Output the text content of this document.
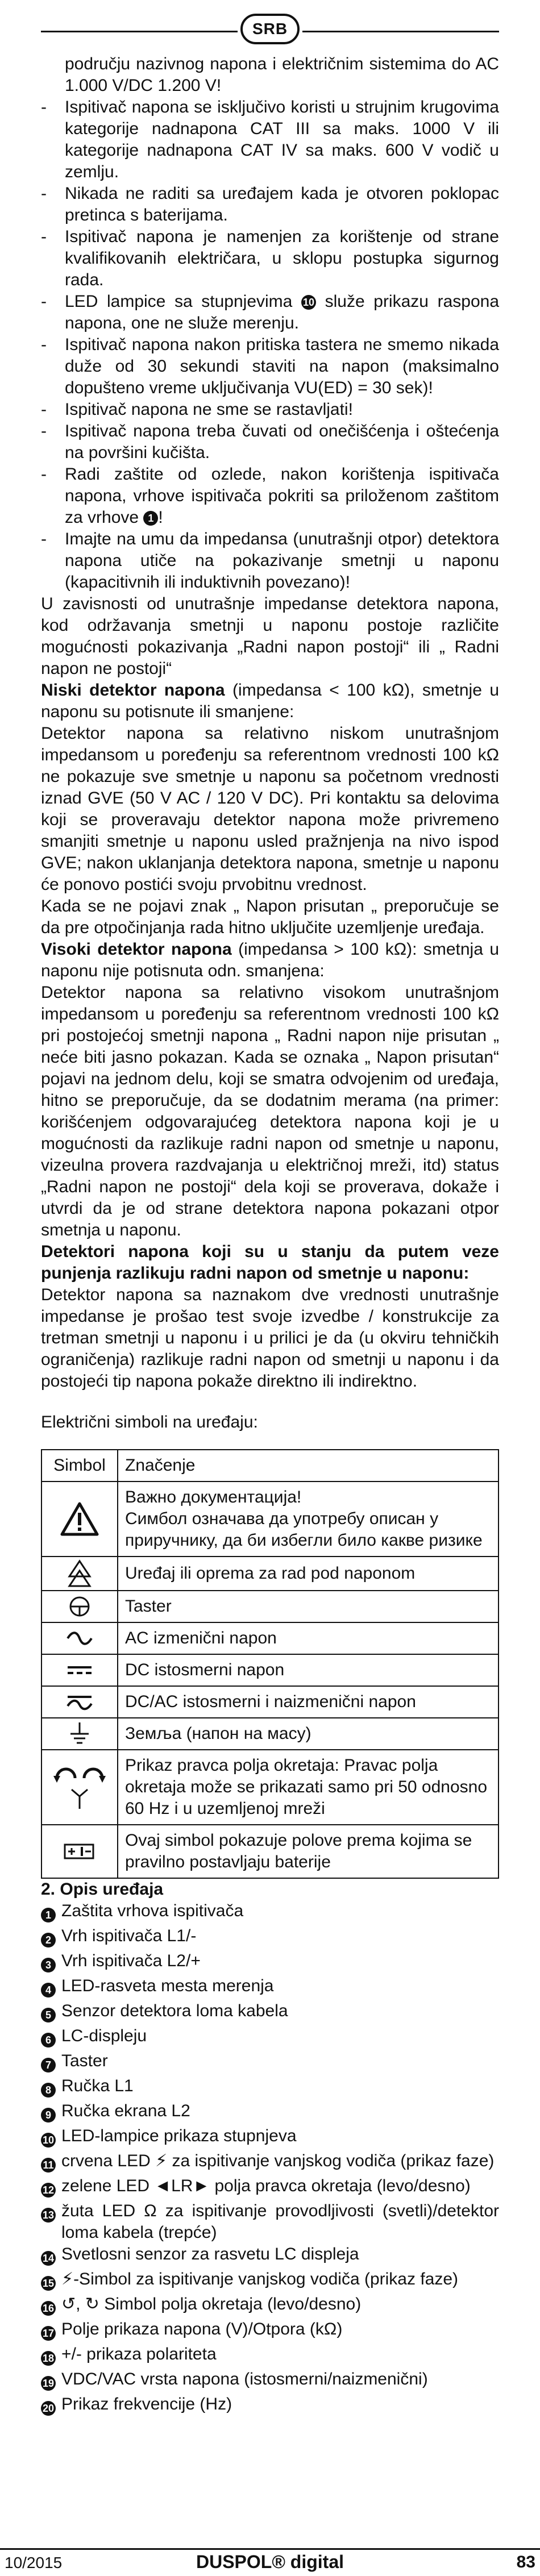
SRB

području nazivnog napona i električnim sistemima do AC 1.000 V/DC 1.200 V!

-	Ispitivač napona se isključivo koristi u strujnim krugovima kategorije nadnapona CAT III sa maks. 1000 V ili kategorije nadnapona CAT IV sa maks. 600 V vodič u zemlju.
-	Nikada ne raditi sa uređajem kada je otvoren poklopac pretinca s baterijama.
-	Ispitivač napona je namenjen za korištenje od strane kvalifikovanih električara, u sklopu postupka sigurnog rada.
-	LED lampice sa stupnjevima 10 služe prikazu raspona napona, one ne služe merenju.
-	Ispitivač napona nakon pritiska tastera ne smemo nikada duže od 30 sekundi staviti na napon (maksimalno dopušteno vreme uključivanja VU(ED) = 30 sek)!
-	Ispitivač napona ne sme se rastavljati!
-	Ispitivač napona treba čuvati od onečišćenja i oštećenja na površini kučišta.
-	Radi zaštite od ozlede, nakon korištenja ispitivača napona, vrhove ispitivača pokriti sa priloženom zaštitom za vrhove 1 !
-	Imajte na umu da impedansa (unutrašnji otpor) detektora napona utiče na pokazivanje smetnji u naponu (kapacitivnih ili induktivnih povezano)!

U zavisnosti od unutrašnje impedanse detektora napona, kod održavanja smetnji u naponu postoje različite mogućnosti pokazivanja „Radni napon postoji“ ili „ Radni napon ne postoji“

Niski detektor napona (impedansa < 100 kΩ), smetnje u naponu su potisnute ili smanjene:

Detektor napona sa relativno niskom unutrašnjom impedansom u poređenju sa referentnom vrednosti 100 kΩ ne pokazuje sve smetnje u naponu sa početnom vrednosti iznad GVE (50 V AC / 120 V DC). Pri kontaktu sa delovima koji se proveravaju detektor napona može privremeno smanjiti smetnje u naponu usled pražnjenja na nivo ispod GVE; nakon uklanjanja detektora napona, smetnje u naponu će ponovo postići svoju prvobitnu vrednost.

Kada se ne pojavi znak „ Napon prisutan „ preporučuje se da pre otpočinjanja rada hitno uključite uzemljenje uređaja.

Visoki detektor napona (impedansa > 100 kΩ): smetnja u naponu nije potisnuta odn. smanjena:

Detektor napona sa relativno visokom unutrašnjom impedansom u poređenju sa referentnom vrednosti 100 kΩ pri postojećoj smetnji napona „ Radni napon nije prisutan „ neće biti jasno pokazan. Kada se oznaka „ Napon prisutan“ pojavi na jednom delu, koji se smatra odvojenim od uređaja, hitno se preporučuje, da se dodatnim merama (na primer: korišćenjem odgovarajućeg detektora napona koji je u mogućnosti da razlikuje radni napon od smetnje u naponu, vizeulna provera razdvajanja u električnoj mreži, itd) status „Radni napon ne postoji“ dela koji se proverava, dokaže i utvrdi da je od strane detektora napona pokazani otpor smetnja u naponu.

Detektori napona koji su u stanju da putem veze punjenja razlikuju radni napon od smetnje u naponu:

Detektor napona sa naznakom dve vrednosti unutrašnje impedanse je prošao test svoje izvedbe / konstrukcije za tretman smetnji u naponu i u prilici je da (u okviru tehničkih ograničenja) razlikuje radni napon od smetnji u naponu i da postojeći tip napona pokaže direktno ili indirektno.

Električni simboli na uređaju:

Simbol	Značenje

	Важно документација!
Симбол означава да употребу описан у приручнику, да би избегли било какве ризике

	Uređaj ili oprema za rad pod naponom

	Taster

	AC izmenični napon

	DC istosmerni napon

	DC/AC istosmerni i naizmenični napon

	Земља (напон на масу)

	Prikaz pravca polja okretaja: Pravac polja okretaja može se prikazati samo pri 50 odnosno 60 Hz i u uzemljenoj mreži

	Ovaj simbol pokazuje polove prema kojima se pravilno postavljaju baterije

2. Opis uređaja

1 Zaštita vrhova ispitivača
2 Vrh ispitivača L1/-
3 Vrh ispitivača L2/+
4 LED-rasveta mesta merenja
5 Senzor detektora loma kabela
6 LC-displeju
7 Taster
8 Ručka L1
9 Ručka ekrana L2
10 LED-lampice prikaza stupnjeva
11 crvena LED ⚡ za ispitivanje vanjskog vodiča (prikaz faze)
12 zelene LED ◄LR► polja pravca okretaja (levo/desno)
13 žuta LED Ω za ispitivanje provodljivosti (svetli)/detektor loma kabela (trepće)
14 Svetlosni senzor za rasvetu LC displeja
15 ⚡-Simbol za ispitivanje vanjskog vodiča (prikaz faze)
16 ↺, ↻ Simbol polja okretaja (levo/desno)
17 Polje prikaza napona (V)/Otpora (kΩ)
18 +/- prikaza polariteta
19 VDC/VAC vrsta napona (istosmerni/naizmenični)
20 Prikaz frekvencije (Hz)
10/2015	DUSPOL® digital	83
